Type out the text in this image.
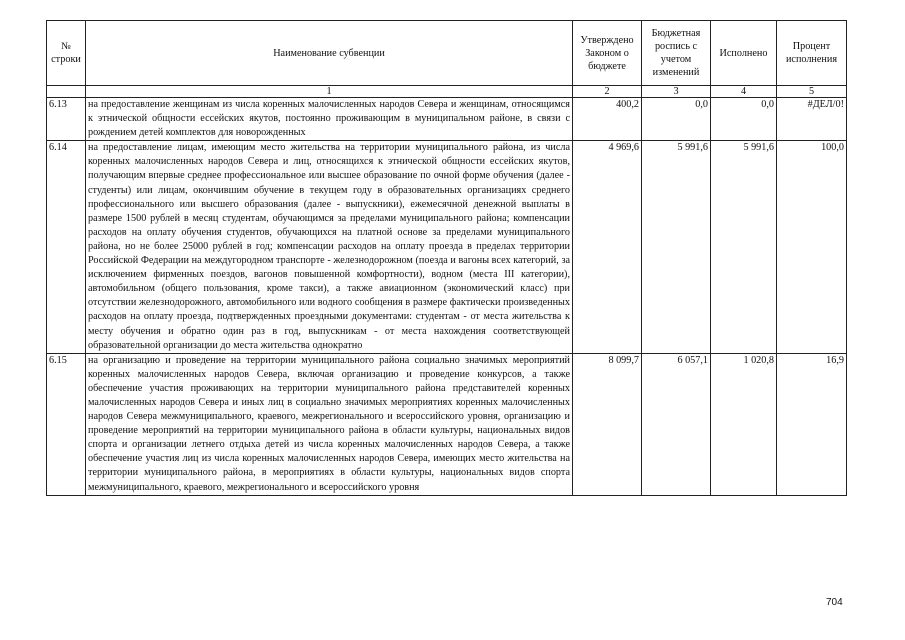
№ строки	Наименование субвенции	Утверждено Законом о бюджете	Бюджетная роспись с учетом изменений	Исполнено	Процент исполнения
	1	2	3	4	5
6.13	на предоставление женщинам из числа коренных малочисленных народов Севера и женщинам, относящимся к этнической общности ессейских якутов, постоянно проживающим в муниципальном районе, в связи с рождением детей комплектов для новорожденных	400,2	0,0	0,0	#ДЕЛ/0!
6.14	на предоставление лицам, имеющим место жительства на территории муниципального района, из числа коренных малочисленных народов Севера и лиц, относящихся к этнической общности ессейских якутов, получающим впервые среднее профессиональное или высшее образование по очной форме обучения (далее - студенты) или лицам, окончившим обучение в текущем году в образовательных организациях среднего профессионального или высшего образования (далее - выпускники), ежемесячной денежной выплаты в размере 1500 рублей в месяц студентам, обучающимся за пределами муниципального района; компенсации расходов на оплату обучения студентов, обучающихся на платной основе за пределами муниципального района, но не более 25000 рублей в год; компенсации расходов на оплату проезда в пределах территории Российской Федерации на междугородном транспорте - железнодорожном (поезда и вагоны всех категорий, за исключением фирменных поездов, вагонов повышенной комфортности), водном (места III категории), автомобильном (общего пользования, кроме такси), а также авиационном (экономический класс) при отсутствии железнодорожного, автомобильного или водного сообщения в размере фактически произведенных расходов на оплату проезда, подтвержденных проездными документами: студентам - от места жительства к месту обучения и обратно один раз в год, выпускникам - от места нахождения соответствующей образовательной организации до места жительства однократно	4 969,6	5 991,6	5 991,6	100,0
6.15	на организацию и проведение на территории муниципального района социально значимых мероприятий коренных малочисленных народов Севера, включая организацию и проведение конкурсов, а также обеспечение участия проживающих на территории муниципального района представителей коренных малочисленных народов Севера и иных лиц в социально значимых мероприятиях коренных малочисленных народов Севера межмуниципального, краевого, межрегионального и всероссийского уровня, организацию и проведение мероприятий на территории муниципального района в области культуры, национальных видов спорта и организации летнего отдыха детей из числа коренных малочисленных народов Севера, а также обеспечение участия лиц из числа коренных малочисленных народов Севера, имеющих место жительства на территории муниципального района, в мероприятиях в области культуры, национальных видов спорта межмуниципального, краевого, межрегионального и всероссийского уровня	8 099,7	6 057,1	1 020,8	16,9
704
